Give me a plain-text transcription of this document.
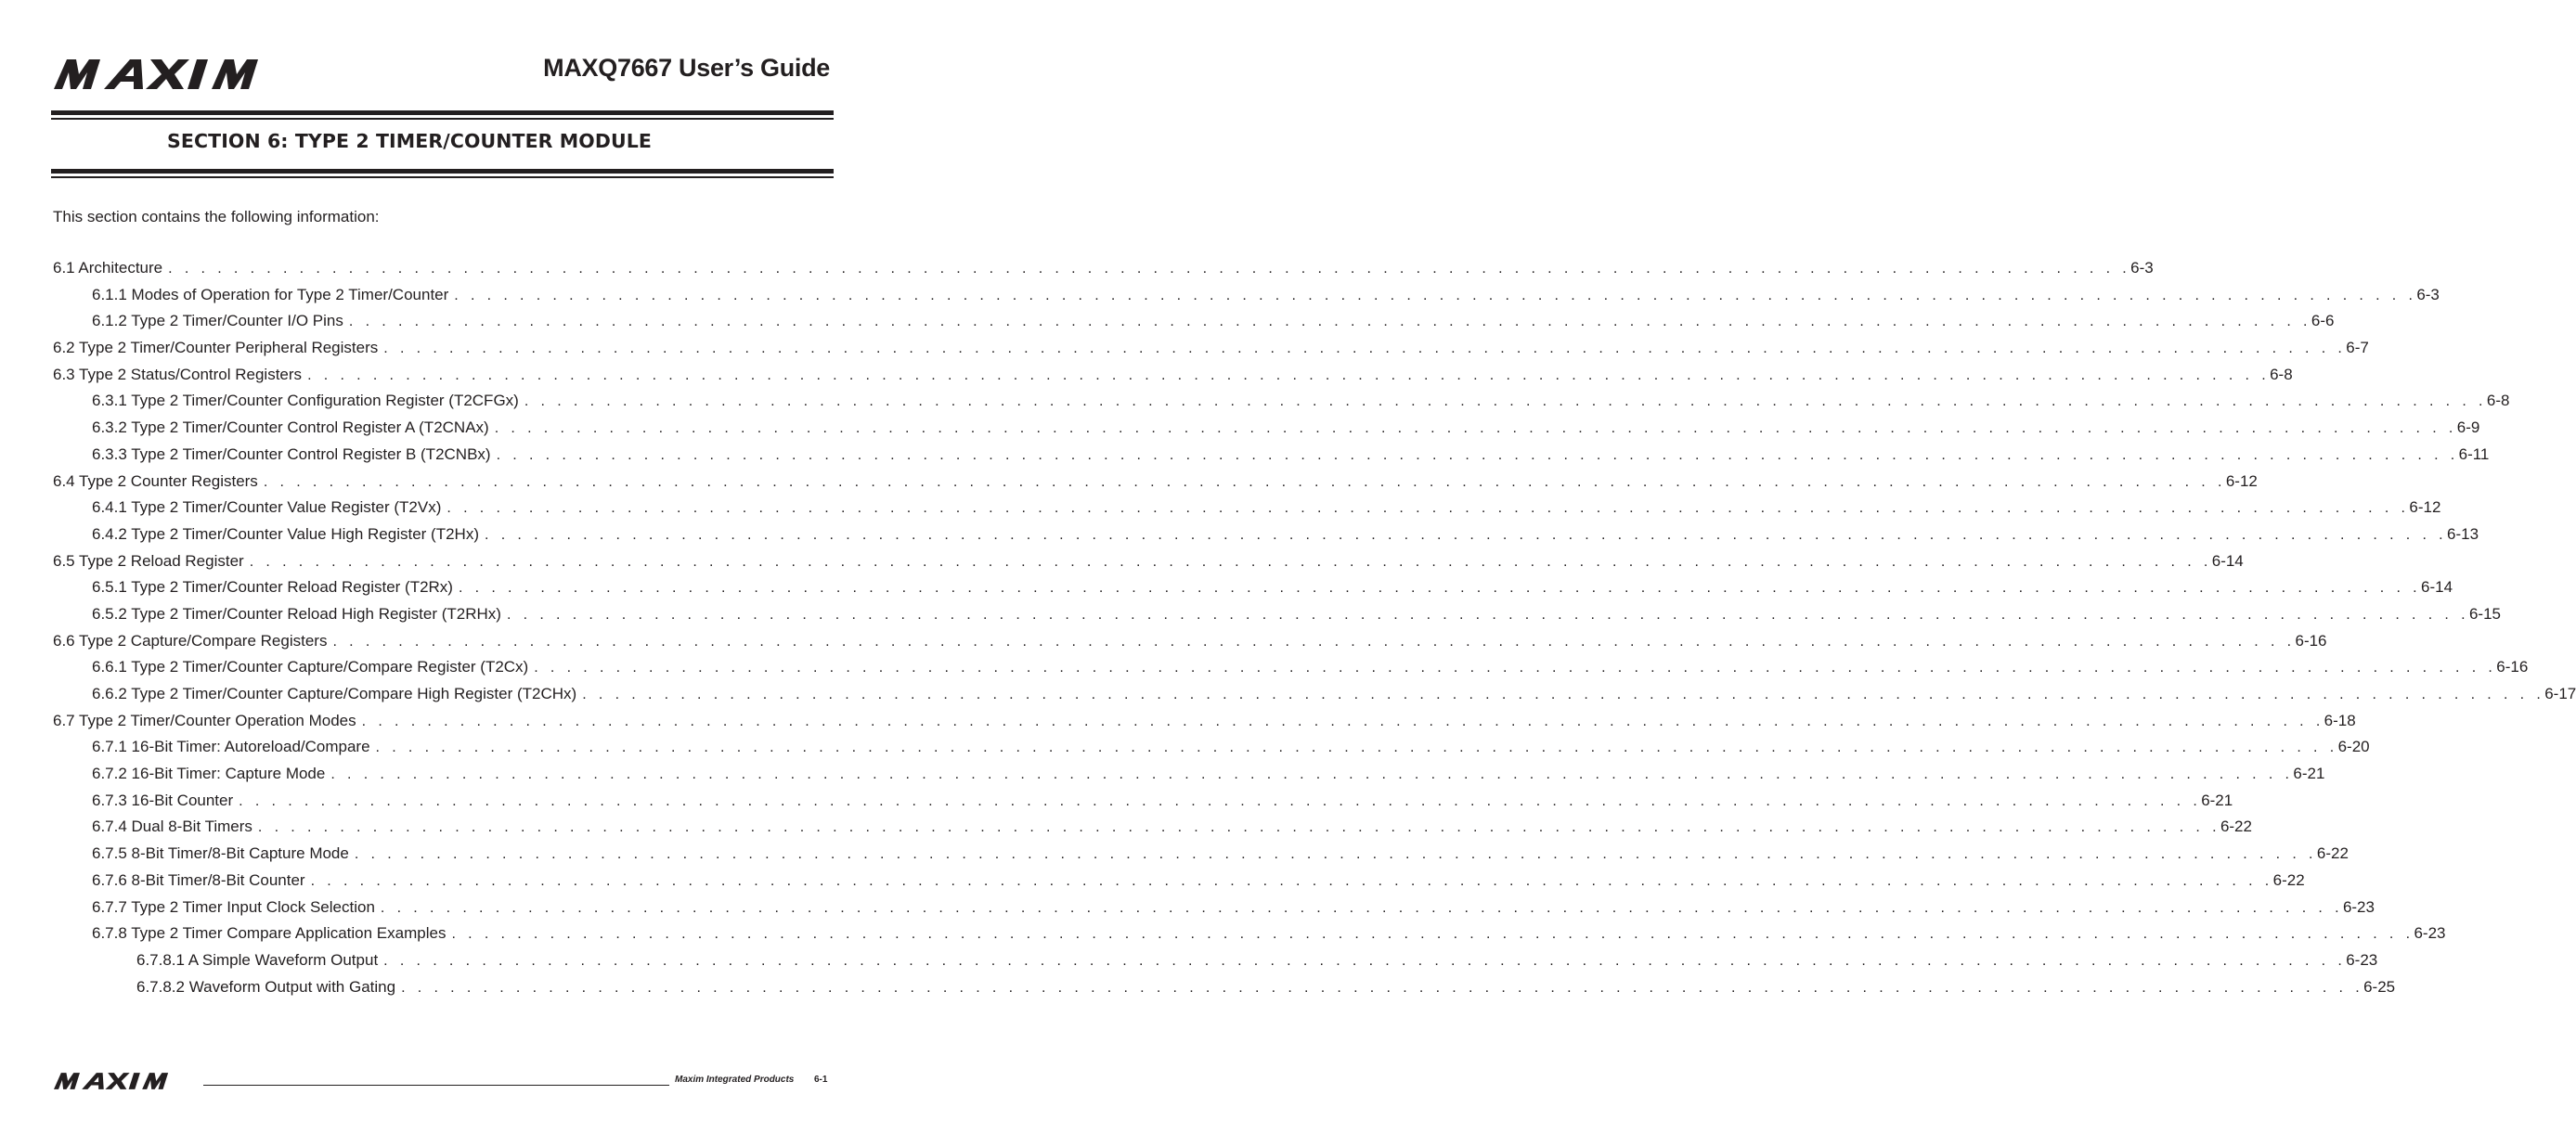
MAXQ7667 User’s Guide
SECTION 6: TYPE 2 TIMER/COUNTER MODULE
This section contains the following information:
6.1 Architecture . . . . . . . . . . . . . . . . . . . . . . . . . . . . . . . . . . . . . . . . . . . . . . . . . . . . . . . . . . . . . . . . . . . . . . . . . . . . . . . . . . . . . . . . . . . . . . . . . . . . . . . . . . . . . . . . . . . . . . . . 6-3
6.1.1 Modes of Operation for Type 2 Timer/Counter . . . . . . . . . . . . . . . . . . . . . . . . . . . . . . . . . . . . . . . . . . . . . . . . . . . . . . . . . . . . . . . . . . . . . . . . . . . . . . . . . . . . . . . . . . . . . . . . . . . . . . . . . . . . . . . . . . . . . . . . 6-3
6.1.2 Type 2 Timer/Counter I/O Pins . . . . . . . . . . . . . . . . . . . . . . . . . . . . . . . . . . . . . . . . . . . . . . . . . . . . . . . . . . . . . . . . . . . . . . . . . . . . . . . . . . . . . . . . . . . . . . . . . . . . . . . . . . . . . . . . . . . . . . . . 6-6
6.2 Type 2 Timer/Counter Peripheral Registers . . . . . . . . . . . . . . . . . . . . . . . . . . . . . . . . . . . . . . . . . . . . . . . . . . . . . . . . . . . . . . . . . . . . . . . . . . . . . . . . . . . . . . . . . . . . . . . . . . . . . . . . . . . . . . . . . . . . . . . . 6-7
6.3 Type 2 Status/Control Registers . . . . . . . . . . . . . . . . . . . . . . . . . . . . . . . . . . . . . . . . . . . . . . . . . . . . . . . . . . . . . . . . . . . . . . . . . . . . . . . . . . . . . . . . . . . . . . . . . . . . . . . . . . . . . . . . . . . . . . . . 6-8
6.3.1 Type 2 Timer/Counter Configuration Register (T2CFGx) . . . . . . . . . . . . . . . . . . . . . . . . . . . . . . . . . . . . . . . . . . . . . . . . . . . . . . . . . . . . . . . . . . . . . . . . . . . . . . . . . . . . . . . . . . . . . . . . . . . . . . . . . . . . . . . . . . . . . . . . 6-8
6.3.2 Type 2 Timer/Counter Control Register A (T2CNAx) . . . . . . . . . . . . . . . . . . . . . . . . . . . . . . . . . . . . . . . . . . . . . . . . . . . . . . . . . . . . . . . . . . . . . . . . . . . . . . . . . . . . . . . . . . . . . . . . . . . . . . . . . . . . . . . . . . . . . . . . 6-9
6.3.3 Type 2 Timer/Counter Control Register B (T2CNBx) . . . . . . . . . . . . . . . . . . . . . . . . . . . . . . . . . . . . . . . . . . . . . . . . . . . . . . . . . . . . . . . . . . . . . . . . . . . . . . . . . . . . . . . . . . . . . . . . . . . . . . . . . . . . . . . . . . . . . . . . 6-11
6.4 Type 2 Counter Registers . . . . . . . . . . . . . . . . . . . . . . . . . . . . . . . . . . . . . . . . . . . . . . . . . . . . . . . . . . . . . . . . . . . . . . . . . . . . . . . . . . . . . . . . . . . . . . . . . . . . . . . . . . . . . . . . . . . . . . . . 6-12
6.4.1 Type 2 Timer/Counter Value Register (T2Vx) . . . . . . . . . . . . . . . . . . . . . . . . . . . . . . . . . . . . . . . . . . . . . . . . . . . . . . . . . . . . . . . . . . . . . . . . . . . . . . . . . . . . . . . . . . . . . . . . . . . . . . . . . . . . . . . . . . . . . . . . 6-12
6.4.2 Type 2 Timer/Counter Value High Register (T2Hx) . . . . . . . . . . . . . . . . . . . . . . . . . . . . . . . . . . . . . . . . . . . . . . . . . . . . . . . . . . . . . . . . . . . . . . . . . . . . . . . . . . . . . . . . . . . . . . . . . . . . . . . . . . . . . . . . . . . . . . . . 6-13
6.5 Type 2 Reload Register . . . . . . . . . . . . . . . . . . . . . . . . . . . . . . . . . . . . . . . . . . . . . . . . . . . . . . . . . . . . . . . . . . . . . . . . . . . . . . . . . . . . . . . . . . . . . . . . . . . . . . . . . . . . . . . . . . . . . . . . 6-14
6.5.1 Type 2 Timer/Counter Reload Register (T2Rx) . . . . . . . . . . . . . . . . . . . . . . . . . . . . . . . . . . . . . . . . . . . . . . . . . . . . . . . . . . . . . . . . . . . . . . . . . . . . . . . . . . . . . . . . . . . . . . . . . . . . . . . . . . . . . . . . . . . . . . . . 6-14
6.5.2 Type 2 Timer/Counter Reload High Register (T2RHx) . . . . . . . . . . . . . . . . . . . . . . . . . . . . . . . . . . . . . . . . . . . . . . . . . . . . . . . . . . . . . . . . . . . . . . . . . . . . . . . . . . . . . . . . . . . . . . . . . . . . . . . . . . . . . . . . . . . . . . . . 6-15
6.6 Type 2 Capture/Compare Registers . . . . . . . . . . . . . . . . . . . . . . . . . . . . . . . . . . . . . . . . . . . . . . . . . . . . . . . . . . . . . . . . . . . . . . . . . . . . . . . . . . . . . . . . . . . . . . . . . . . . . . . . . . . . . . . . . . . . . . . . 6-16
6.6.1 Type 2 Timer/Counter Capture/Compare Register (T2Cx) . . . . . . . . . . . . . . . . . . . . . . . . . . . . . . . . . . . . . . . . . . . . . . . . . . . . . . . . . . . . . . . . . . . . . . . . . . . . . . . . . . . . . . . . . . . . . . . . . . . . . . . . . . . . . . . . . . . . . . . . 6-16
6.6.2 Type 2 Timer/Counter Capture/Compare High Register (T2CHx) . . . . . . . . . . . . . . . . . . . . . . . . . . . . . . . . . . . . . . . . . . . . . . . . . . . . . . . . . . . . . . . . . . . . . . . . . . . . . . . . . . . . . . . . . . . . . . . . . . . . . . . . . . . . . . . . . . . . . . . . 6-17
6.7 Type 2 Timer/Counter Operation Modes . . . . . . . . . . . . . . . . . . . . . . . . . . . . . . . . . . . . . . . . . . . . . . . . . . . . . . . . . . . . . . . . . . . . . . . . . . . . . . . . . . . . . . . . . . . . . . . . . . . . . . . . . . . . . . . . . . . . . . . . 6-18
6.7.1 16-Bit Timer: Autoreload/Compare . . . . . . . . . . . . . . . . . . . . . . . . . . . . . . . . . . . . . . . . . . . . . . . . . . . . . . . . . . . . . . . . . . . . . . . . . . . . . . . . . . . . . . . . . . . . . . . . . . . . . . . . . . . . . . . . . . . . . . . . 6-20
6.7.2 16-Bit Timer: Capture Mode . . . . . . . . . . . . . . . . . . . . . . . . . . . . . . . . . . . . . . . . . . . . . . . . . . . . . . . . . . . . . . . . . . . . . . . . . . . . . . . . . . . . . . . . . . . . . . . . . . . . . . . . . . . . . . . . . . . . . . . . 6-21
6.7.3 16-Bit Counter . . . . . . . . . . . . . . . . . . . . . . . . . . . . . . . . . . . . . . . . . . . . . . . . . . . . . . . . . . . . . . . . . . . . . . . . . . . . . . . . . . . . . . . . . . . . . . . . . . . . . . . . . . . . . . . . . . . . . . . . 6-21
6.7.4 Dual 8-Bit Timers . . . . . . . . . . . . . . . . . . . . . . . . . . . . . . . . . . . . . . . . . . . . . . . . . . . . . . . . . . . . . . . . . . . . . . . . . . . . . . . . . . . . . . . . . . . . . . . . . . . . . . . . . . . . . . . . . . . . . . . . 6-22
6.7.5 8-Bit Timer/8-Bit Capture Mode . . . . . . . . . . . . . . . . . . . . . . . . . . . . . . . . . . . . . . . . . . . . . . . . . . . . . . . . . . . . . . . . . . . . . . . . . . . . . . . . . . . . . . . . . . . . . . . . . . . . . . . . . . . . . . . . . . . . . . . . 6-22
6.7.6 8-Bit Timer/8-Bit Counter . . . . . . . . . . . . . . . . . . . . . . . . . . . . . . . . . . . . . . . . . . . . . . . . . . . . . . . . . . . . . . . . . . . . . . . . . . . . . . . . . . . . . . . . . . . . . . . . . . . . . . . . . . . . . . . . . . . . . . . . 6-22
6.7.7 Type 2 Timer Input Clock Selection . . . . . . . . . . . . . . . . . . . . . . . . . . . . . . . . . . . . . . . . . . . . . . . . . . . . . . . . . . . . . . . . . . . . . . . . . . . . . . . . . . . . . . . . . . . . . . . . . . . . . . . . . . . . . . . . . . . . . . . . 6-23
6.7.8 Type 2 Timer Compare Application Examples . . . . . . . . . . . . . . . . . . . . . . . . . . . . . . . . . . . . . . . . . . . . . . . . . . . . . . . . . . . . . . . . . . . . . . . . . . . . . . . . . . . . . . . . . . . . . . . . . . . . . . . . . . . . . . . . . . . . . . . . 6-23
6.7.8.1 A Simple Waveform Output . . . . . . . . . . . . . . . . . . . . . . . . . . . . . . . . . . . . . . . . . . . . . . . . . . . . . . . . . . . . . . . . . . . . . . . . . . . . . . . . . . . . . . . . . . . . . . . . . . . . . . . . . . . . . . . . . . . . . . . . 6-23
6.7.8.2 Waveform Output with Gating . . . . . . . . . . . . . . . . . . . . . . . . . . . . . . . . . . . . . . . . . . . . . . . . . . . . . . . . . . . . . . . . . . . . . . . . . . . . . . . . . . . . . . . . . . . . . . . . . . . . . . . . . . . . . . . . . . . . . . . . 6-25
Maxim Integrated Products 6-1
